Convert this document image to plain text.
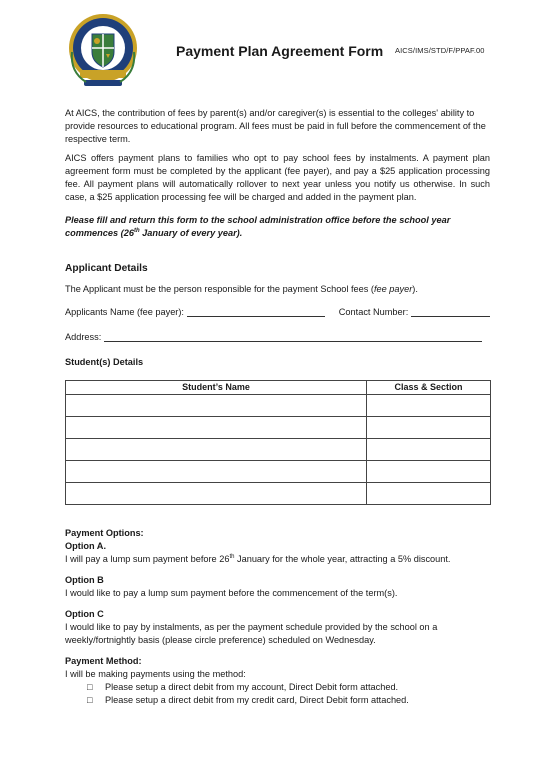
Payment Plan Agreement Form AICS/IMS/STD/F/PPAF.00

At AICS, the contribution of fees by parent(s) and/or caregiver(s) is essential to the colleges' ability to provide resources to educational program. All fees must be paid in full before the commencement of the respective term.

AICS offers payment plans to families who opt to pay school fees by instalments. A payment plan agreement form must be completed by the applicant (fee payer), and pay a $25 application processing fee. All payment plans will automatically rollover to next year unless you notify us otherwise. In such case, a $25 application processing fee will be charged and added in the payment plan.

Please fill and return this form to the school administration office before the school year commences (26th January of every year).

Applicant Details

The Applicant must be the person responsible for the payment School fees (fee payer).

Applicants Name (fee payer):	Contact Number:
Address:

Student(s) Details

Student’s Name	Class & Section

Payment Options:

Option A.

I will pay a lump sum payment before 26th January for the whole year, attracting a 5% discount.

Option B

I would like to pay a lump sum payment before the commencement of the term(s).

Option C

I would like to pay by instalments, as per the payment schedule provided by the school on a weekly/fortnightly basis (please circle preference) scheduled on Wednesday.

Payment Method:

I will be making payments using the method:

□	Please setup a direct debit from my account, Direct Debit form attached.
□	Please setup a direct debit from my credit card, Direct Debit form attached.
